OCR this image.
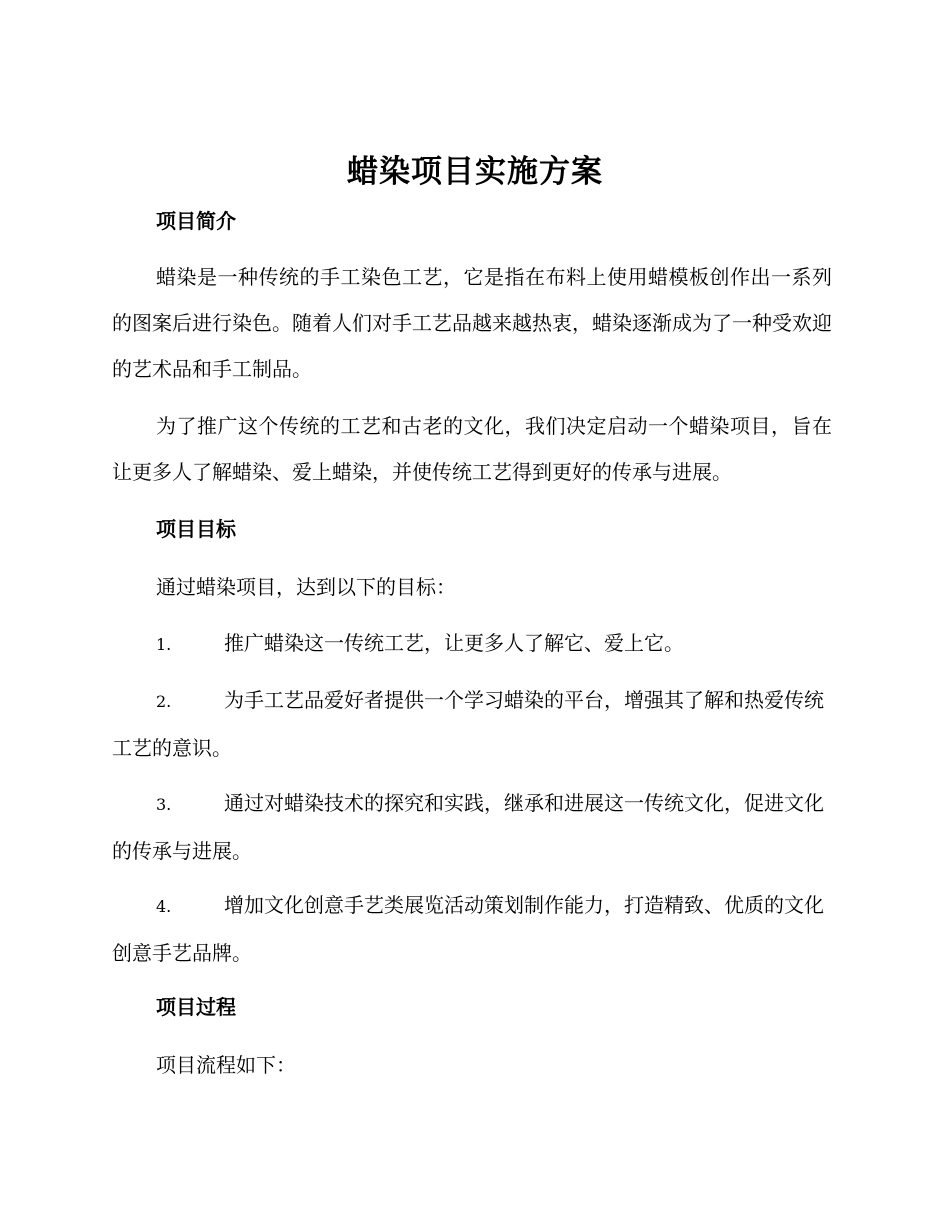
蜡染项目实施方案
项目简介
蜡染是一种传统的手工染色工艺，它是指在布料上使用蜡模板创作出一系列的图案后进行染色。随着人们对手工艺品越来越热衷，蜡染逐渐成为了一种受欢迎的艺术品和手工制品。
为了推广这个传统的工艺和古老的文化，我们决定启动一个蜡染项目，旨在让更多人了解蜡染、爱上蜡染，并使传统工艺得到更好的传承与进展。
项目目标
通过蜡染项目，达到以下的目标：
1.	推广蜡染这一传统工艺，让更多人了解它、爱上它。
2.	为手工艺品爱好者提供一个学习蜡染的平台，增强其了解和热爱传统工艺的意识。
3.	通过对蜡染技术的探究和实践，继承和进展这一传统文化，促进文化的传承与进展。
4.	增加文化创意手艺类展览活动策划制作能力，打造精致、优质的文化创意手艺品牌。
项目过程
项目流程如下：
